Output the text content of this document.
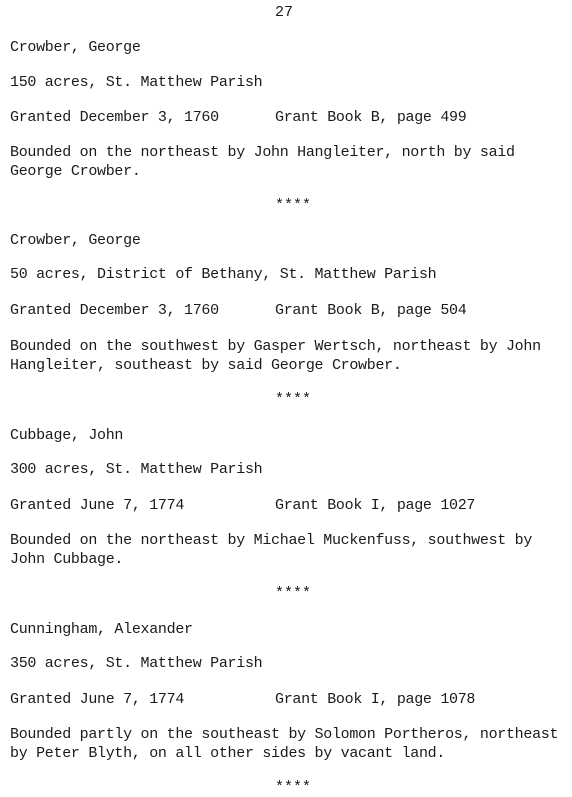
27
Crowber, George
150 acres, St. Matthew Parish
Granted December 3, 1760	Grant Book B, page 499
Bounded on the northeast by John Hangleiter, north by said
George Crowber.
****
Crowber, George
50 acres, District of Bethany, St. Matthew Parish
Granted December 3, 1760	Grant Book B, page 504
Bounded on the southwest by Gasper Wertsch, northeast by John
Hangleiter, southeast by said George Crowber.
****
Cubbage, John
300 acres, St. Matthew Parish
Granted June 7, 1774	Grant Book I, page 1027
Bounded on the northeast by Michael Muckenfuss, southwest by
John Cubbage.
****
Cunningham, Alexander
350 acres, St. Matthew Parish
Granted June 7, 1774	Grant Book I, page 1078
Bounded partly on the southeast by Solomon Portheros, northeast
by Peter Blyth, on all other sides by vacant land.
****
